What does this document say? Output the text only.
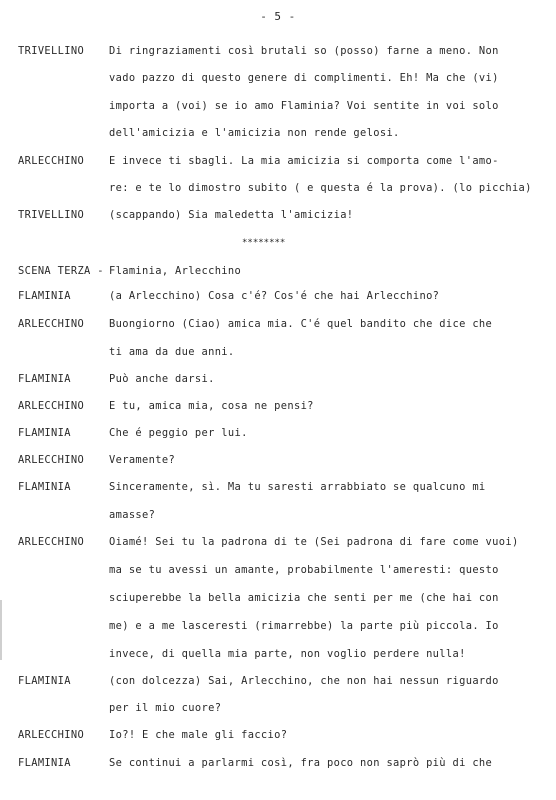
- 5 -
TRIVELLINO Di ringraziamenti così brutali so (posso) farne a meno. Non
vado pazzo di questo genere di complimenti. Eh! Ma che (vi)
importa a (voi) se io amo Flaminia? Voi sentite in voi solo
dell'amicizia e l'amicizia non rende gelosi.
ARLECCHINO E invece ti sbagli. La mia amicizia si comporta come l'amo-
re: e te lo dimostro subito ( e questa é la prova). (lo picchia)
TRIVELLINO (scappando) Sia maledetta l'amicizia!
SCENA TERZA - Flaminia, Arlecchino
FLAMINIA	(a Arlecchino) Cosa c'é? Cos'é che hai Arlecchino?
ARLECCHINO Buongiorno (Ciao) amica mia. C'é quel bandito che dice che
ti ama da due anni.
FLAMINIA	Può anche darsi.
ARLECCHINO E tu, amica mia, cosa ne pensi?
FLAMINIA	Che é peggio per lui.
ARLECCHINO Veramente?
FLAMINIA	Sinceramente, sì. Ma tu saresti arrabbiato se qualcuno mi
amasse?
ARLECCHINO Oiamé! Sei tu la padrona di te (Sei padrona di fare come vuoi)
ma se tu avessi un amante, probabilmente l'ameresti: questo
sciuperebbe la bella amicizia che senti per me (che hai con
me) e a me lasceresti (rimarrebbe) la parte più piccola. Io
invece, di quella mia parte, non voglio perdere nulla!
FLAMINIA	(con dolcezza) Sai, Arlecchino, che non hai nessun riguardo
per il mio cuore?
ARLECCHINO Io?! E che male gli faccio?
FLAMINIA	Se continui a parlarmi così, fra poco non saprò più di che
********
